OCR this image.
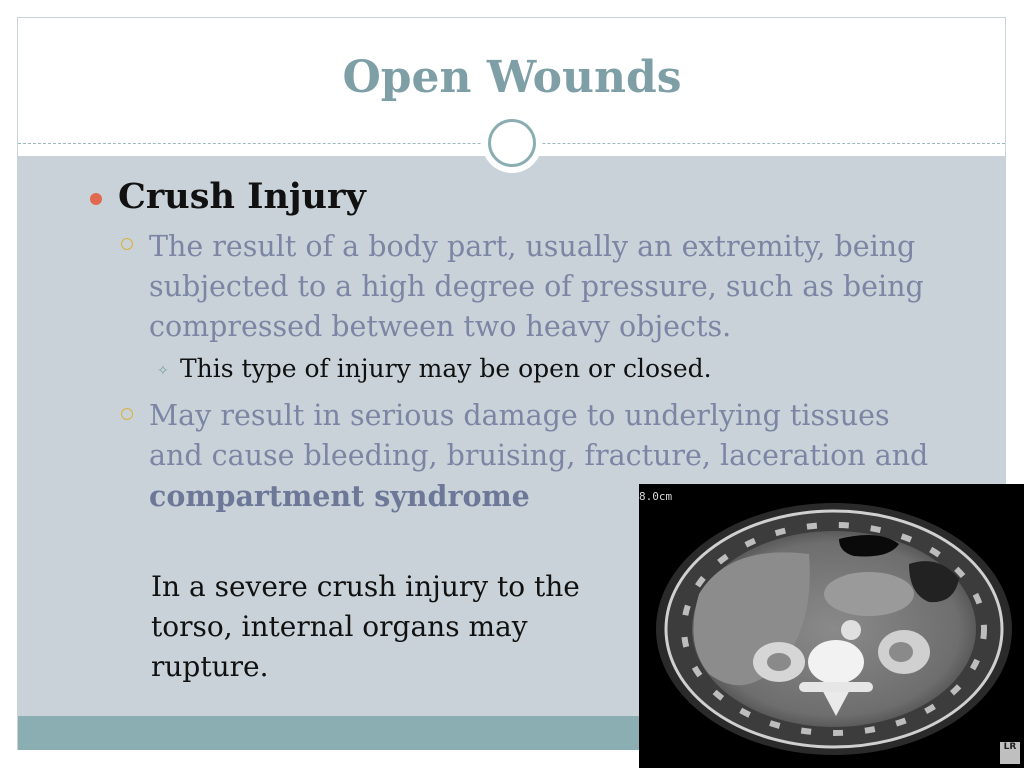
Open Wounds

Crush Injury

The result of a body part, usually an extremity, being subjected to a high degree of pressure, such as being compressed between two heavy objects.

✧ This type of injury may be open or closed.

May result in serious damage to underlying tissues and cause bleeding, bruising, fracture, laceration and
compartment syndrome

In a severe crush injury to the torso, internal organs may rupture.

8.0cm
LR
